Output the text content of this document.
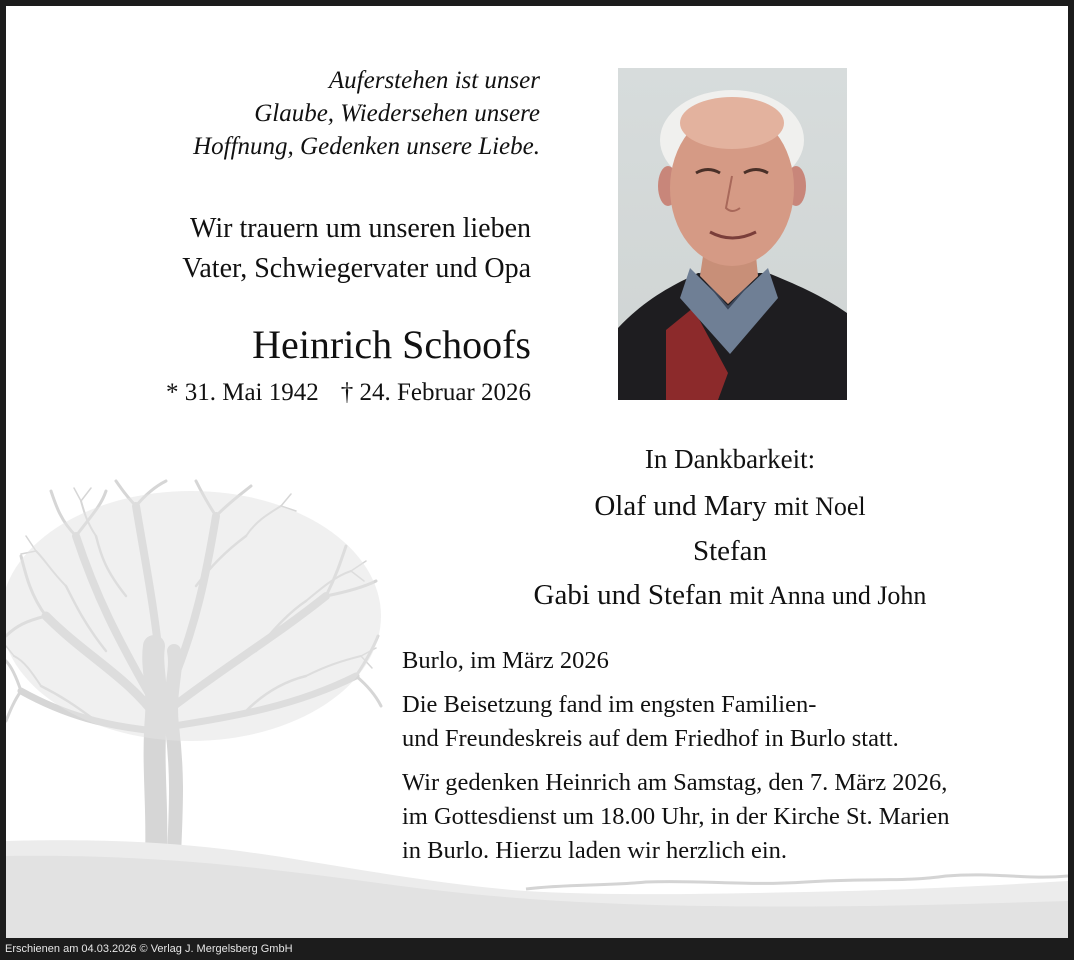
Auferstehen ist unser
Glaube, Wiedersehen unsere
Hoffnung, Gedenken unsere Liebe.
Wir trauern um unseren lieben
Vater, Schwiegervater und Opa
Heinrich Schoofs
* 31. Mai 1942 † 24. Februar 2026
In Dankbarkeit:
Olaf und Mary mit Noel
Stefan
Gabi und Stefan mit Anna und John
Burlo, im März 2026
Die Beisetzung fand im engsten Familien-
und Freundeskreis auf dem Friedhof in Burlo statt.
Wir gedenken Heinrich am Samstag, den 7. März 2026,
im Gottesdienst um 18.00 Uhr, in der Kirche St. Marien
in Burlo. Hierzu laden wir herzlich ein.
Erschienen am 04.03.2026 © Verlag J. Mergelsberg GmbH
